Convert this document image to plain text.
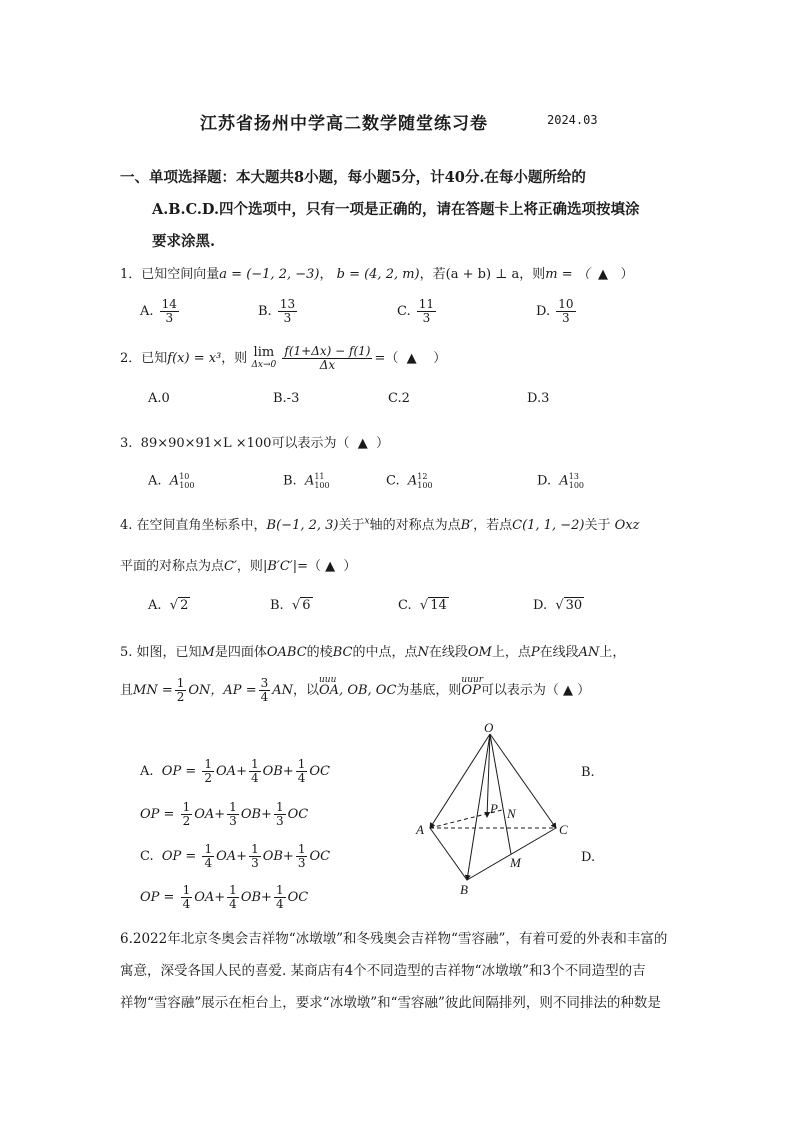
江苏省扬州中学高二数学随堂练习卷	2024.03
一、单项选择题：本大题共8小题，每小题5分，计40分.在每小题所给的
A.B.C.D.四个选项中，只有一项是正确的，请在答题卡上将正确选项按填涂
要求涂黑.
1．已知空间向量a = (−1, 2, −3)， b = (4, 2, m)，若(a + b) ⊥ a，则m = （ ▲ ）
A. $\frac{14}{3}$	B. $\frac{13}{3}$	C. $\frac{11}{3}$	D. $\frac{10}{3}$
2．已知f(x) = x³，则 lim
Δx→0
$\frac{f(1+\Delta x) - f(1)}{\Delta x}$ =（ ▲ ）
A.0	B.-3	C.2	D.3
3. 89×90×91×L ×100可以表示为（ ▲ ）
A. A 10
100	B. A 11
100	C. A 12
100	D. A 13
100
4. 在空间直角坐标系中，B(−1, 2, 3)关于$^x$轴的对称点为点B′，若点C(1, 1, −2)关于 Oxz
平面的对称点为点C′，则|B′C′|=（ ▲ ）
A.  √ 2	B.  √ 6	C.  √ 14	D.  √ 30
5. 如图，已知M是四面体OABC的棱BC的中点，点N在线段OM上，点P在线段AN上，
且MN = $\frac{1}{2}$ ON，AP = $\frac{3}{4}$ AN，以
uuu
OA, OB, OC为基底，则
uuur
OP可以表示为（ ▲ ）
A. OP = $\frac{1}{2} OA+ \frac{1}{4} OB+ \frac{1}{4}$ OC	B.
OP = $\frac{1}{2} OA+ \frac{1}{3} OB+ \frac{1}{3}$ OC
C. OP = $\frac{1}{4} OA+ \frac{1}{3} OB+ \frac{1}{3}$ OC	D.
OP = $\frac{1}{4} OA+ \frac{1}{4} OB+ \frac{1}{4}$ OC
O
A
B
C
M
N
P
6.2022年北京冬奥会吉祥物“冰墩墩”和冬残奥会吉祥物“雪容融”，有着可爱的外表和丰富的
寓意，深受各国人民的喜爱. 某商店有4个不同造型的吉祥物“冰墩墩”和3个不同造型的吉
祥物“雪容融”展示在柜台上，要求“冰墩墩”和“雪容融”彼此间隔排列，则不同排法的种数是
